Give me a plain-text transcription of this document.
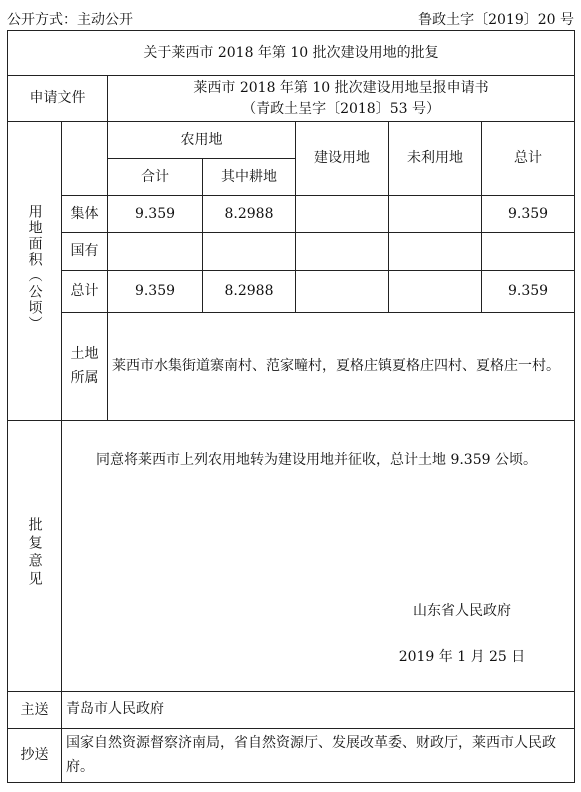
公开方式：主动公开	鲁政土字〔2019〕20 号
关于莱西市 2018 年第 10 批次建设用地的批复						
申请文件		莱西市 2018 年第 10 批次建设用地呈报申请书
（青政土呈字〔2018〕53 号）				

用地面积（公顷）		农用地		建设用地	未利用地	总计
		合计	其中耕地			
	集体	9.359	8.2988			9.359
	国有					
	总计	9.359	8.2988			9.359

	土地所属	莱西市水集街道寨南村、范家疃村，夏格庄镇夏格庄四村、夏格庄一村。				
批复意见	同意将莱西市上列农用地转为建设用地并征收，总计土地 9.359 公顷。

山东省人民政府
2019 年 1 月 25 日					

主送	青岛市人民政府					
抄送	国家自然资源督察济南局，省自然资源厅、发展改革委、财政厅，莱西市人民政府。					
